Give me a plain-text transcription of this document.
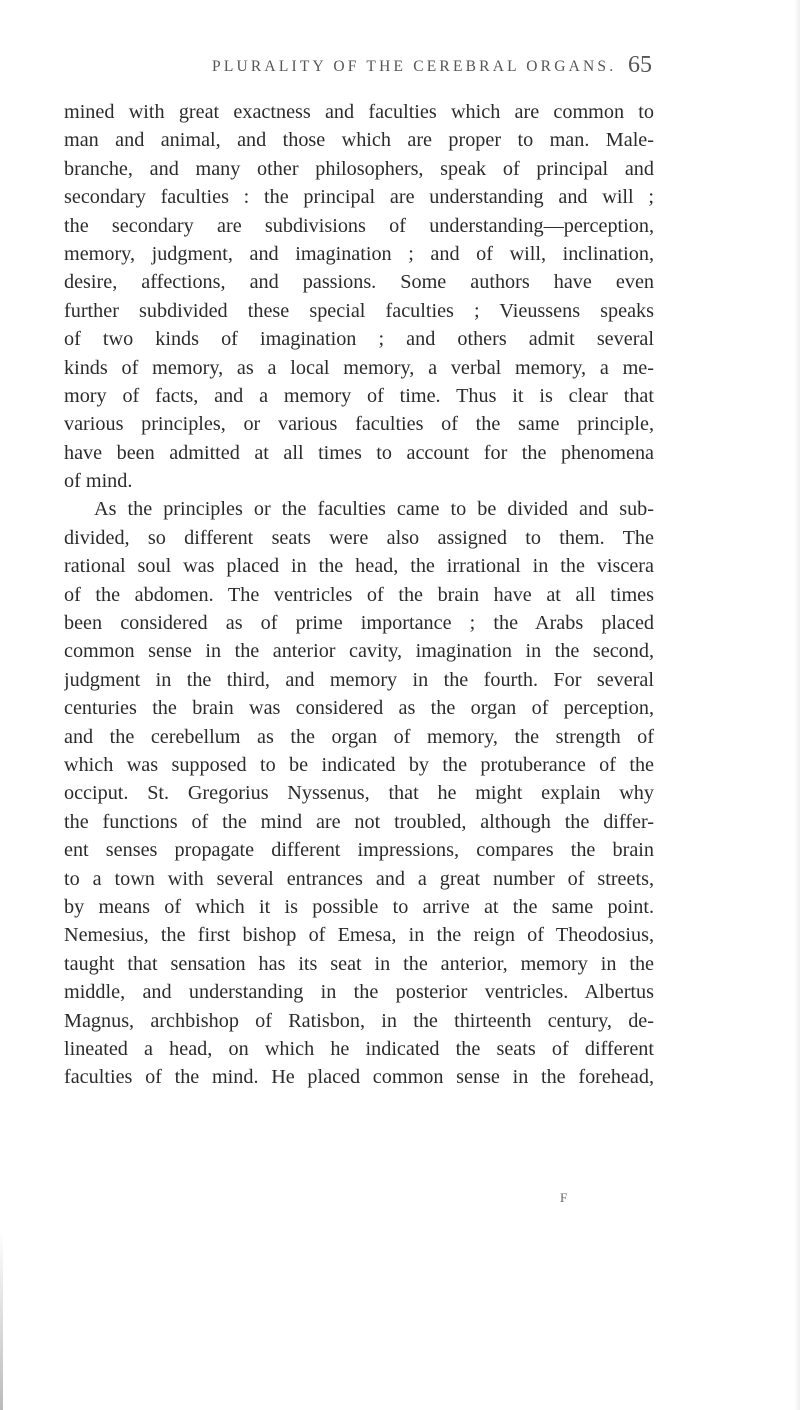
PLURALITY OF THE CEREBRAL ORGANS. 65
mined with great exactness and faculties which are common to
man and animal, and those which are proper to man. Male-
branche, and many other philosophers, speak of principal and
secondary faculties : the principal are understanding and will ;
the secondary are subdivisions of understanding—perception,
memory, judgment, and imagination ; and of will, inclination,
desire, affections, and passions. Some authors have even
further subdivided these special faculties ; Vieussens speaks
of two kinds of imagination ; and others admit several
kinds of memory, as a local memory, a verbal memory, a me-
mory of facts, and a memory of time. Thus it is clear that
various principles, or various faculties of the same principle,
have been admitted at all times to account for the phenomena
of mind.
As the principles or the faculties came to be divided and sub-
divided, so different seats were also assigned to them. The
rational soul was placed in the head, the irrational in the viscera
of the abdomen. The ventricles of the brain have at all times
been considered as of prime importance ; the Arabs placed
common sense in the anterior cavity, imagination in the second,
judgment in the third, and memory in the fourth. For several
centuries the brain was considered as the organ of perception,
and the cerebellum as the organ of memory, the strength of
which was supposed to be indicated by the protuberance of the
occiput. St. Gregorius Nyssenus, that he might explain why
the functions of the mind are not troubled, although the differ-
ent senses propagate different impressions, compares the brain
to a town with several entrances and a great number of streets,
by means of which it is possible to arrive at the same point.
Nemesius, the first bishop of Emesa, in the reign of Theodosius,
taught that sensation has its seat in the anterior, memory in the
middle, and understanding in the posterior ventricles. Albertus
Magnus, archbishop of Ratisbon, in the thirteenth century, de-
lineated a head, on which he indicated the seats of different
faculties of the mind. He placed common sense in the forehead,
F
